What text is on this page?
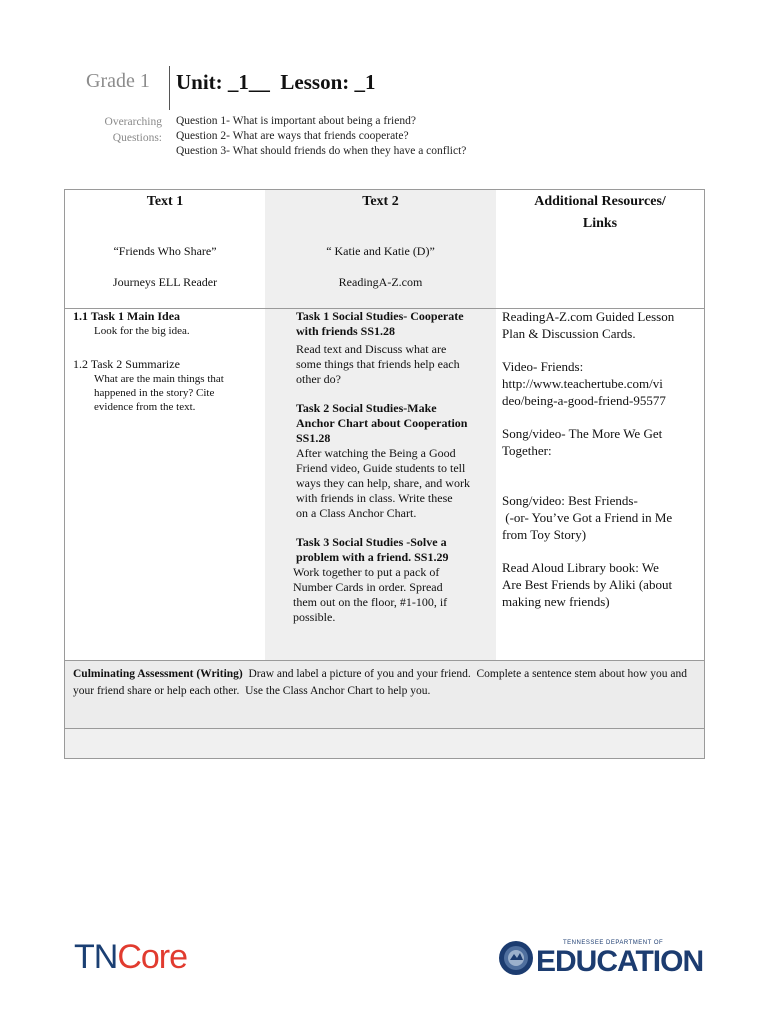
Grade 1 Unit: _1__  Lesson: _1
Overarching
Questions:
Question 1- What is important about being a friend?
Question 2- What are ways that friends cooperate?
Question 3- What should friends do when they have a conflict?
Text 1
“Friends Who Share”
Journeys ELL Reader
Text 2
“ Katie and Katie (D)”
ReadingA-Z.com
Additional Resources/
Links
1.1 Task 1 Main Idea
Look for the big idea.
1.2 Task 2 Summarize
What are the main things that
happened in the story? Cite
evidence from the text.
Task 1 Social Studies- Cooperate
with friends SS1.28
Read text and Discuss what are
some things that friends help each
other do?
Task 2 Social Studies-Make
Anchor Chart about Cooperation
SS1.28
After watching the Being a Good
Friend video, Guide students to tell
ways they can help, share, and work
with friends in class. Write these
on a Class Anchor Chart.
Task 3 Social Studies -Solve a
problem with a friend. SS1.29
Work together to put a pack of
Number Cards in order. Spread
them out on the floor, #1-100, if
possible.
ReadingA-Z.com Guided Lesson
Plan & Discussion Cards.
Video- Friends:
http://www.teachertube.com/vi
deo/being-a-good-friend-95577
Song/video- The More We Get
Together:
Song/video: Best Friends-
(-or- You’ve Got a Friend in Me
from Toy Story)
Read Aloud Library book: We
Are Best Friends by Aliki (about
making new friends)
Culminating Assessment (Writing)  Draw and label a picture of you and your friend.  Complete a sentence stem about how you and your friend share or help each other.  Use the Class Anchor Chart to help you.
TNCore	TENNESSEE DEPARTMENT OF
EDUCATION
